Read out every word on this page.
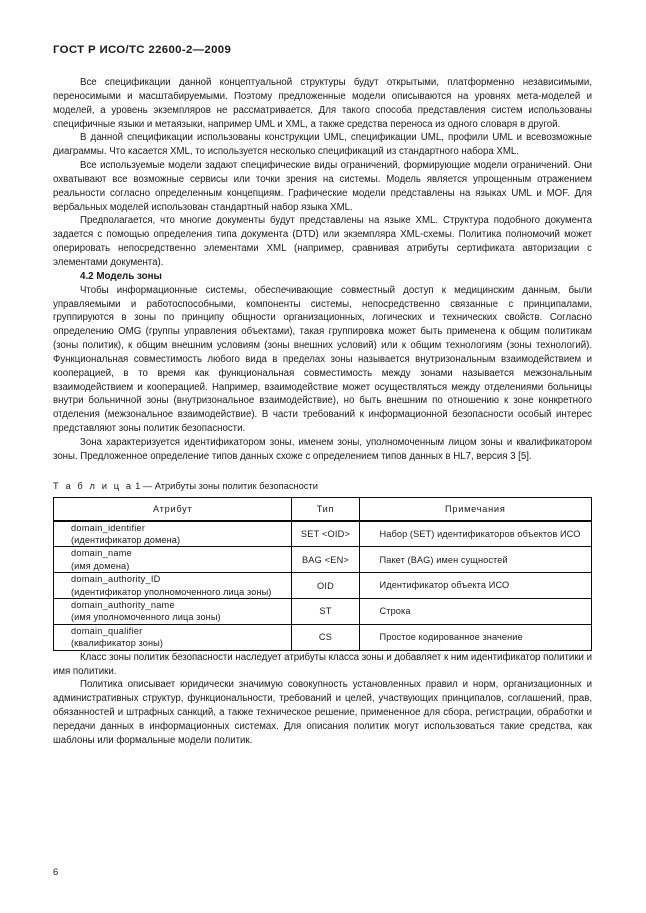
ГОСТ Р ИСО/ТС 22600-2—2009

Все спецификации данной концептуальной структуры будут открытыми, платформенно независимыми, переносимыми и масштабируемыми. Поэтому предложенные модели описываются на уровнях мета-моделей и моделей, а уровень экземпляров не рассматривается. Для такого способа представления систем использованы специфичные языки и метаязыки, например UML и XML, а также средства переноса из одного словаря в другой.

В данной спецификации использованы конструкции UML, спецификации UML, профили UML и всевозможные диаграммы. Что касается XML, то используется несколько спецификаций из стандартного набора XML.

Все используемые модели задают специфические виды ограничений, формирующие модели ограничений. Они охватывают все возможные сервисы или точки зрения на системы. Модель является упрощенным отражением реальности согласно определенным концепциям. Графические модели представлены на языках UML и MOF. Для вербальных моделей использован стандартный набор языка XML.

Предполагается, что многие документы будут представлены на языке XML. Структура подобного документа задается с помощью определения типа документа (DTD) или экземпляра XML-схемы. Политика полномочий может оперировать непосредственно элементами XML (например, сравнивая атрибуты сертификата авторизации с элементами документа).

4.2 Модель зоны

Чтобы информационные системы, обеспечивающие совместный доступ к медицинским данным, были управляемыми и работоспособными, компоненты системы, непосредственно связанные с принципалами, группируются в зоны по принципу общности организационных, логических и технических свойств. Согласно определению OMG (группы управления объектами), такая группировка может быть применена к общим политикам (зоны политик), к общим внешним условиям (зоны внешних условий) или к общим технологиям (зоны технологий). Функциональная совместимость любого вида в пределах зоны называется внутризональным взаимодействием и кооперацией, в то время как функциональная совместимость между зонами называется межзональным взаимодействием и кооперацией. Например, взаимодействие может осуществляться между отделениями больницы внутри больничной зоны (внутризональное взаимодействие), но быть внешним по отношению к зоне конкретного отделения (межзональное взаимодействие). В части требований к информационной безопасности особый интерес представляют зоны политик безопасности.

Зона характеризуется идентификатором зоны, именем зоны, уполномоченным лицом зоны и квалификатором зоны. Предложенное определение типов данных схоже с определением типов данных в HL7, версия 3 [5].

Т а б л и ц а 1 — Атрибуты зоны политик безопасности
Атрибут	Тип	Примечания

domain_identifier
(идентификатор домена)	SET <OID>	Набор (SET) идентификаторов объектов ИСО

domain_name
(имя домена)	BAG <EN>	Пакет (BAG) имен сущностей

domain_authority_ID
(идентификатор уполномоченного лица зоны)	OID	Идентификатор объекта ИСО

domain_authority_name
(имя уполномоченного лица зоны)	ST	Строка

domain_qualifier
(квалификатор зоны)	CS	Простое кодированное значение

Класс зоны политик безопасности наследует атрибуты класса зоны и добавляет к ним идентификатор политики и имя политики.

Политика описывает юридически значимую совокупность установленных правил и норм, организационных и административных структур, функциональности, требований и целей, участвующих принципалов, соглашений, прав, обязанностей и штрафных санкций, а также техническое решение, примененное для сбора, регистрации, обработки и передачи данных в информационных системах. Для описания политик могут использоваться такие средства, как шаблоны или формальные модели политик.

6
